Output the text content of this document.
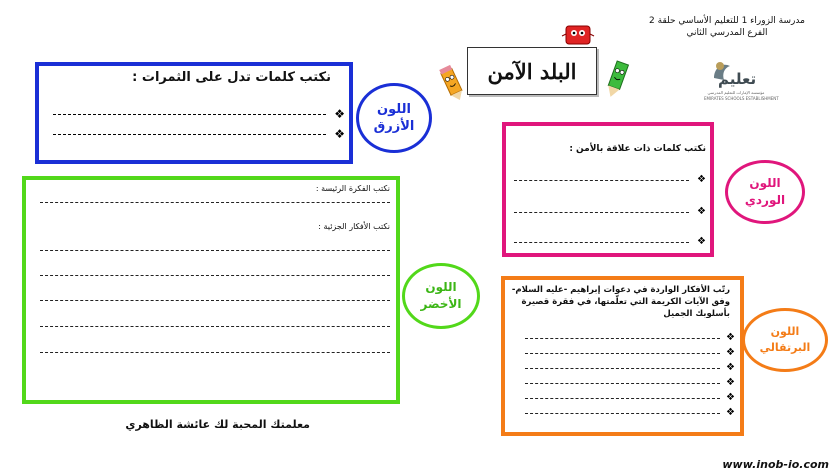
مدرسة الزوراء 1 للتعليم الأساسي حلقة 2
الفرع المدرسي الثاني
تعليم
مؤسسة الإمارات للتعليم المدرسي
EMIRATES SCHOOLS ESTABLISHMENT
البلد الآمن
نكتب كلمات تدل على الثمرات :
❖
❖
اللون الأزرق
نكتب كلمات ذات علاقة بالأمن :
❖
❖
❖
اللون الوردي
نكتب الفكرة الرئيسة :
نكتب الأفكار الجزئية :
اللون الأخضر
رتّب الأفكار الواردة في دعوات إبراهيم -عليه السلام-
وفق الآيات الكريمة التي تعلّمتها، في فقرة قصيرة
بأسلوبك الجميل
❖
❖
❖
❖
❖
❖
اللون البرتقالي
معلمتك المحبة لك عائشة الظاهري
www.inob-io.com
